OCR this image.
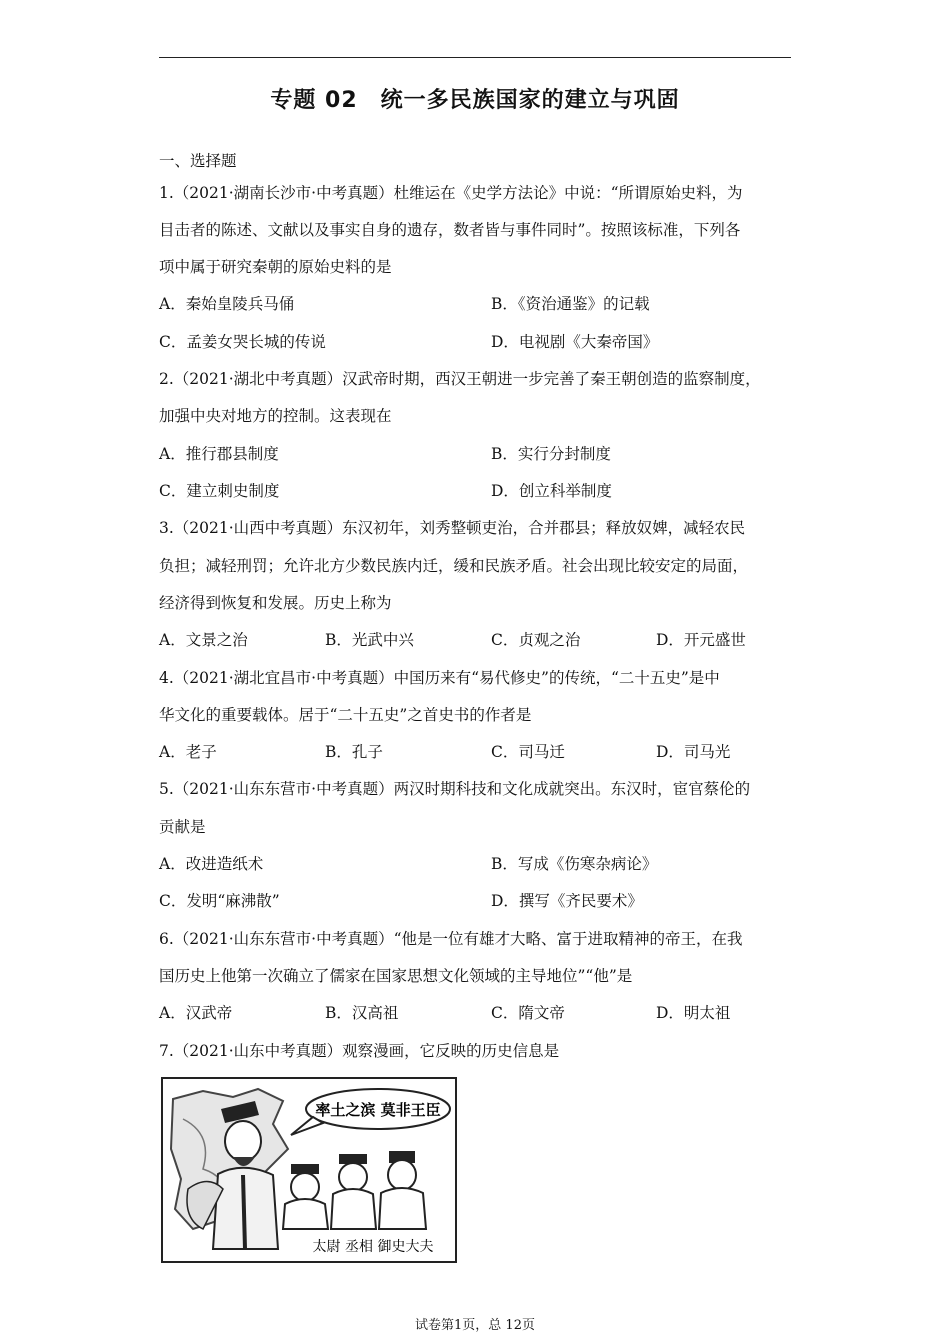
专题 02　统一多民族国家的建立与巩固
一、选择题
1.（2021·湖南长沙市·中考真题）杜维运在《史学方法论》中说：“所谓原始史料，为
目击者的陈述、文献以及事实自身的遗存，数者皆与事件同时”。按照该标准，下列各
项中属于研究秦朝的原始史料的是
A．秦始皇陵兵马俑	B．《资治通鉴》的记载
C．孟姜女哭长城的传说	D．电视剧《大秦帝国》
2.（2021·湖北中考真题）汉武帝时期，西汉王朝进一步完善了秦王朝创造的监察制度，
加强中央对地方的控制。这表现在
A．推行郡县制度	B．实行分封制度
C．建立刺史制度	D．创立科举制度
3.（2021·山西中考真题）东汉初年，刘秀整顿吏治，合并郡县；释放奴婢，减轻农民
负担；减轻刑罚；允许北方少数民族内迁，缓和民族矛盾。社会出现比较安定的局面，
经济得到恢复和发展。历史上称为
A．文景之治	B．光武中兴	C．贞观之治	D．开元盛世
4.（2021·湖北宜昌市·中考真题）中国历来有“易代修史”的传统，“二十五史”是中
华文化的重要载体。居于“二十五史”之首史书的作者是
A．老子	B．孔子	C．司马迁	D．司马光
5.（2021·山东东营市·中考真题）两汉时期科技和文化成就突出。东汉时，宦官蔡伦的
贡献是
A．改进造纸术	B．写成《伤寒杂病论》
C．发明“麻沸散”	D．撰写《齐民要术》
6.（2021·山东东营市·中考真题）“他是一位有雄才大略、富于进取精神的帝王，在我
国历史上他第一次确立了儒家在国家思想文化领域的主导地位”“他”是
A．汉武帝	B．汉高祖	C．隋文帝	D．明太祖
7.（2021·山东中考真题）观察漫画，它反映的历史信息是
率土之滨 莫非王臣
太尉 丞相 御史大夫
试卷第1页，总 12页
